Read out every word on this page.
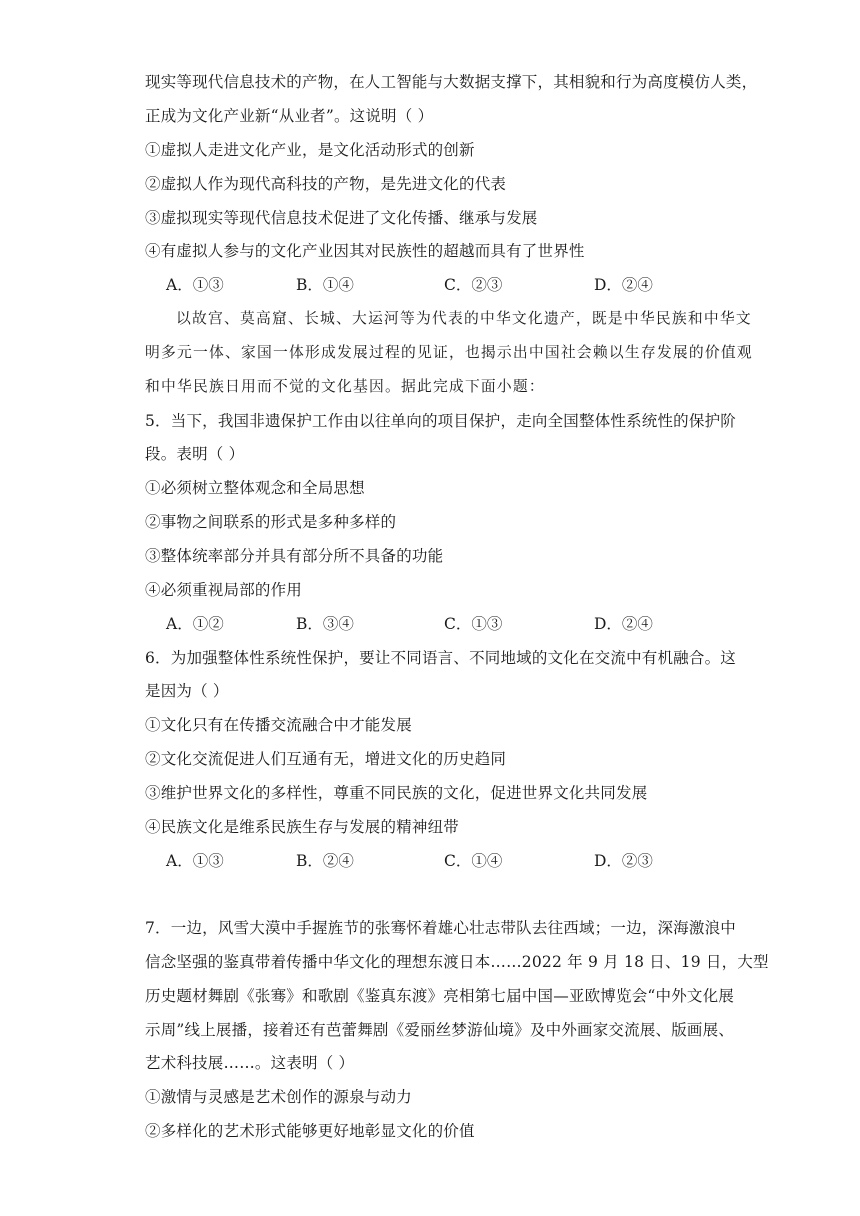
现实等现代信息技术的产物，在人工智能与大数据支撑下，其相貌和行为高度模仿人类，
正成为文化产业新“从业者”。这说明（ ）
①虚拟人走进文化产业，是文化活动形式的创新
②虚拟人作为现代高科技的产物，是先进文化的代表
③虚拟现实等现代信息技术促进了文化传播、继承与发展
④有虚拟人参与的文化产业因其对民族性的超越而具有了世界性
A．①③	B．①④	C．②③	D．②④
以故宫、莫高窟、长城、大运河等为代表的中华文化遗产，既是中华民族和中华文
明多元一体、家国一体形成发展过程的见证，也揭示出中国社会赖以生存发展的价值观
和中华民族日用而不觉的文化基因。据此完成下面小题：
5．当下，我国非遗保护工作由以往单向的项目保护，走向全国整体性系统性的保护阶
段。表明（ ）
①必须树立整体观念和全局思想
②事物之间联系的形式是多种多样的
③整体统率部分并具有部分所不具备的功能
④必须重视局部的作用
A．①②	B．③④	C．①③	D．②④
6．为加强整体性系统性保护，要让不同语言、不同地域的文化在交流中有机融合。这
是因为（ ）
①文化只有在传播交流融合中才能发展
②文化交流促进人们互通有无，增进文化的历史趋同
③维护世界文化的多样性，尊重不同民族的文化，促进世界文化共同发展
④民族文化是维系民族生存与发展的精神纽带
A．①③	B．②④	C．①④	D．②③
7．一边，风雪大漠中手握旌节的张骞怀着雄心壮志带队去往西域；一边，深海激浪中
信念坚强的鉴真带着传播中华文化的理想东渡日本……2022 年 9 月 18 日、19 日，大型
历史题材舞剧《张骞》和歌剧《鉴真东渡》亮相第七届中国—亚欧博览会“中外文化展
示周”线上展播，接着还有芭蕾舞剧《爱丽丝梦游仙境》及中外画家交流展、版画展、
艺术科技展……。这表明（ ）
①激情与灵感是艺术创作的源泉与动力
②多样化的艺术形式能够更好地彰显文化的价值
